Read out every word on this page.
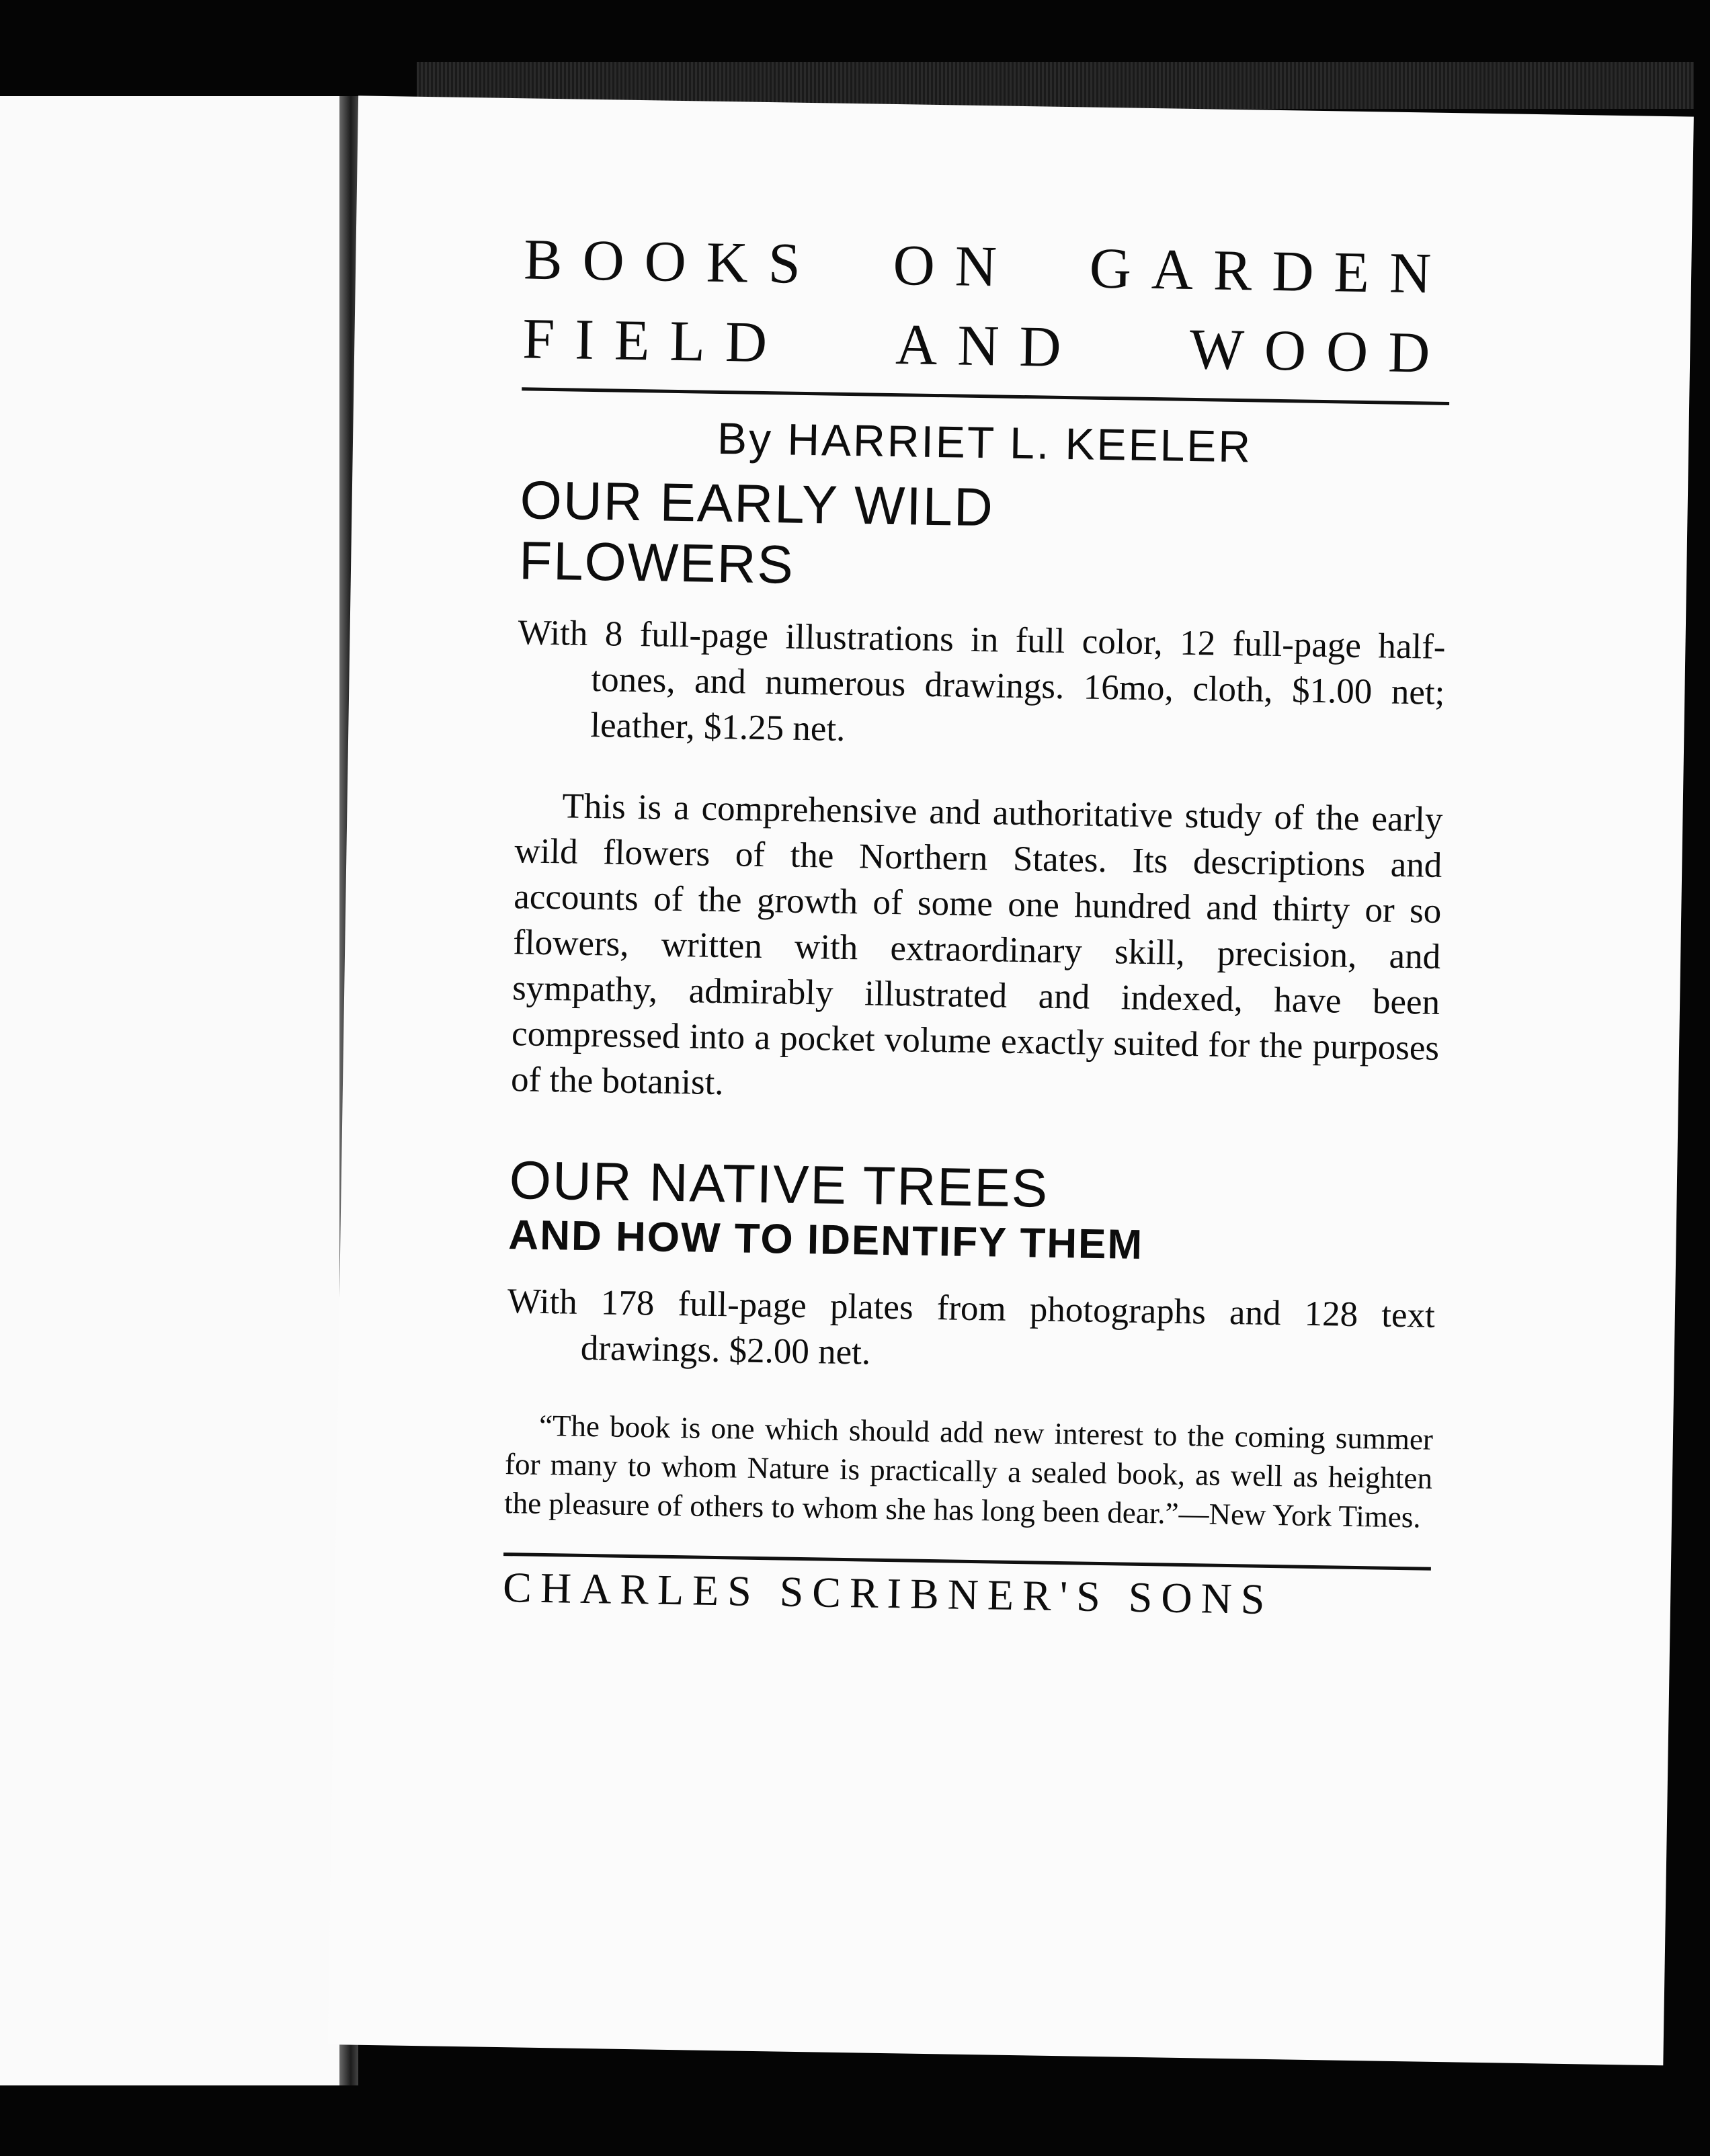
BOOKS ON GARDEN
FIELD AND WOOD
By HARRIET L. KEELER
OUR EARLY WILD FLOWERS

With 8 full-page illustrations in full color, 12 full-page half-tones, and numerous drawings. 16mo, cloth, $1.00 net; leather, $1.25 net.

This is a comprehensive and authoritative study of the early wild flowers of the Northern States. Its descriptions and accounts of the growth of some one hundred and thirty or so flowers, written with extraordinary skill, precision, and sympathy, admirably illustrated and indexed, have been compressed into a pocket volume exactly suited for the purposes of the botanist.

OUR NATIVE TREES
AND HOW TO IDENTIFY THEM

With 178 full-page plates from photographs and 128 text drawings. $2.00 net.

“The book is one which should add new interest to the coming summer for many to whom Nature is practically a sealed book, as well as heighten the pleasure of others to whom she has long been dear.”—New York Times.

CHARLES SCRIBNER'S SONS
